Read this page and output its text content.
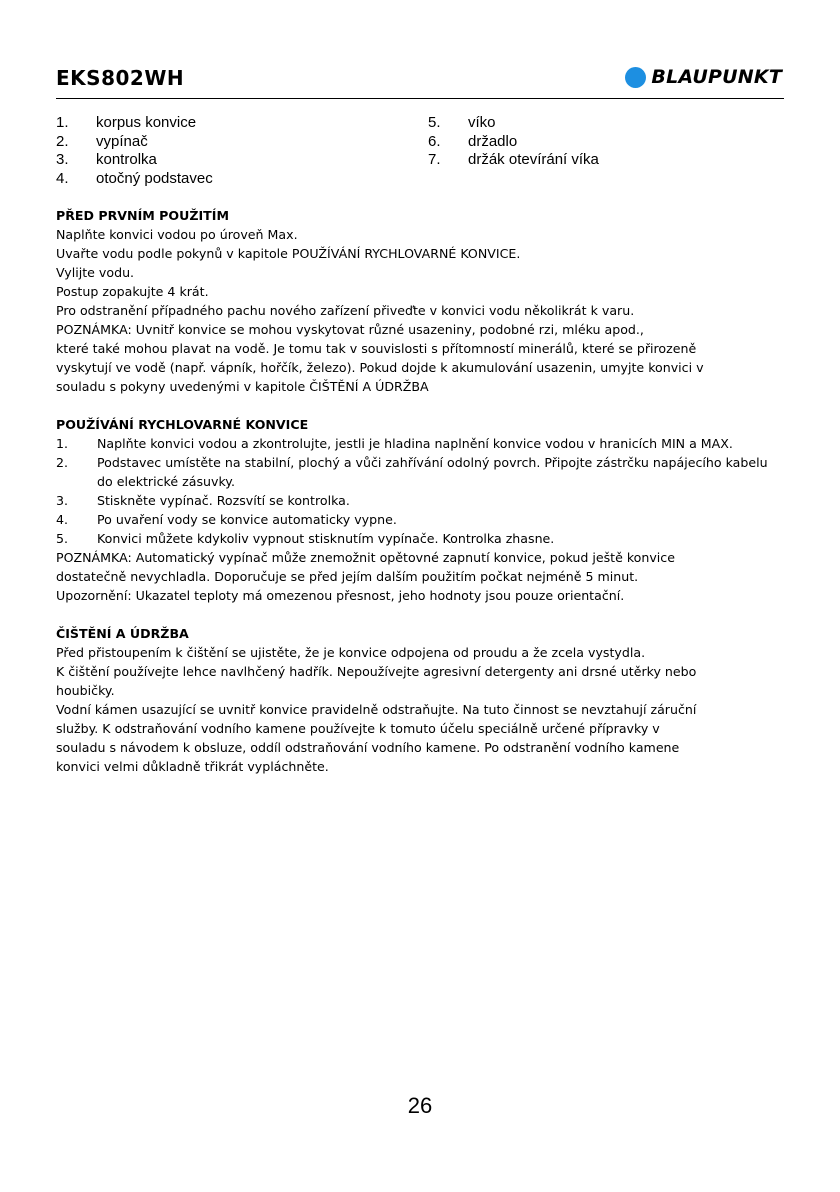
EKS802WH	BLAUPUNKT
1.	korpus konvice
2.	vypínač
3.	kontrolka
4.	otočný podstavec
5.	víko
6.	držadlo
7.	držák otevírání víka
PŘED PRVNÍM POUŽITÍM
Naplňte konvici vodou po úroveň Max.
Uvařte vodu podle pokynů v kapitole POUŽÍVÁNÍ RYCHLOVARNÉ KONVICE.
Vylijte vodu.
Postup zopakujte 4 krát.
Pro odstranění případného pachu nového zařízení přiveďte v konvici vodu několikrát k varu.
POZNÁMKA: Uvnitř konvice se mohou vyskytovat různé usazeniny, podobné rzi, mléku apod.,
které také mohou plavat na vodě. Je tomu tak v souvislosti s přítomností minerálů, které se přirozeně
vyskytují ve vodě (např. vápník, hořčík, železo). Pokud dojde k akumulování usazenin, umyjte konvici v
souladu s pokyny uvedenými v kapitole ČIŠTĚNÍ A ÚDRŽBA
POUŽÍVÁNÍ RYCHLOVARNÉ KONVICE
1.	Naplňte konvici vodou a zkontrolujte, jestli je hladina naplnění konvice vodou v hranicích MIN a MAX.
2.	Podstavec umístěte na stabilní, plochý a vůči zahřívání odolný povrch. Připojte zástrčku napájecího kabelu do elektrické zásuvky.
3.	Stiskněte vypínač. Rozsvítí se kontrolka.
4.	Po uvaření vody se konvice automaticky vypne.
5.	Konvici můžete kdykoliv vypnout stisknutím vypínače. Kontrolka zhasne.
POZNÁMKA: Automatický vypínač může znemožnit opětovné zapnutí konvice, pokud ještě konvice
dostatečně nevychladla. Doporučuje se před jejím dalším použitím počkat nejméně 5 minut.
Upozornění: Ukazatel teploty má omezenou přesnost, jeho hodnoty jsou pouze orientační.
ČIŠTĚNÍ A ÚDRŽBA
Před přistoupením k čištění se ujistěte, že je konvice odpojena od proudu a že zcela vystydla.
K čištění používejte lehce navlhčený hadřík. Nepoužívejte agresivní detergenty ani drsné utěrky nebo
houbičky.
Vodní kámen usazující se uvnitř konvice pravidelně odstraňujte. Na tuto činnost se nevztahují záruční
služby. K odstraňování vodního kamene používejte k tomuto účelu speciálně určené přípravky v
souladu s návodem k obsluze, oddíl odstraňování vodního kamene. Po odstranění vodního kamene
konvici velmi důkladně třikrát vypláchněte.
26
